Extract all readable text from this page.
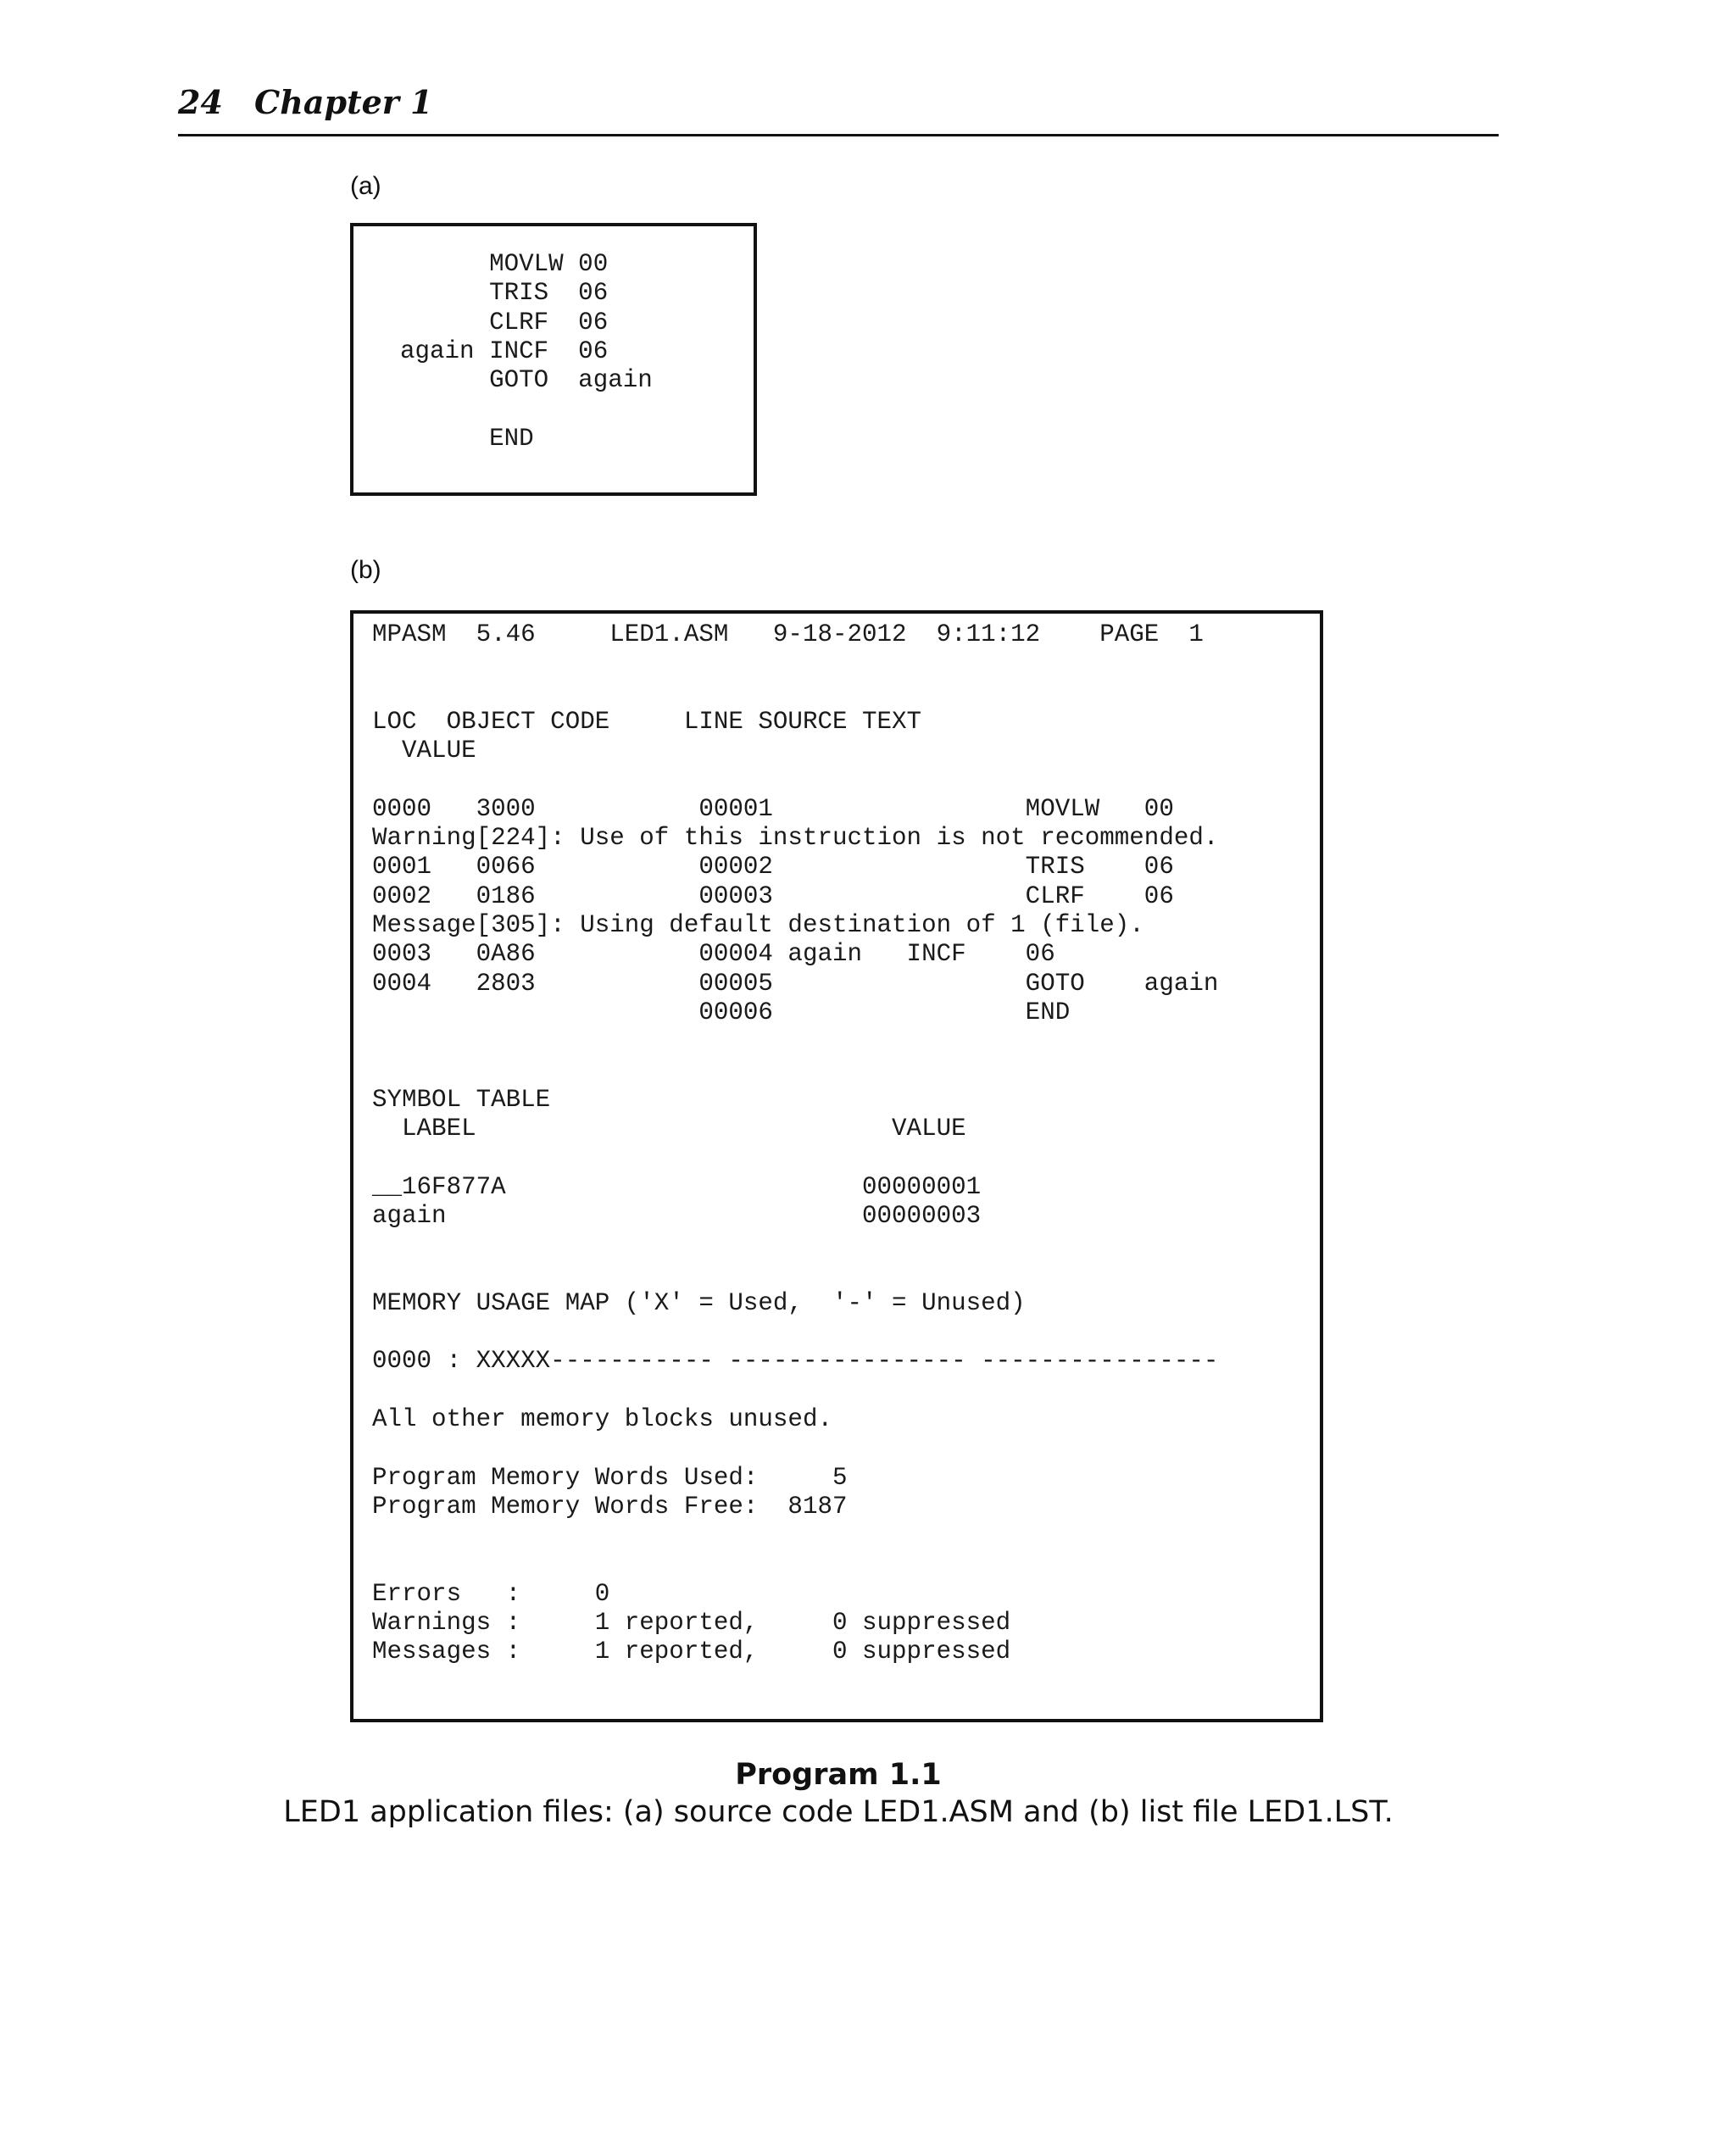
24 Chapter 1
(a)
MOVLW 00
TRIS  06
CLRF  06
again INCF  06
GOTO  again

END
(b)
MPASM  5.46     LED1.ASM   9-18-2012  9:11:12    PAGE  1

LOC  OBJECT CODE     LINE SOURCE TEXT
VALUE

0000   3000           00001                 MOVLW   00
Warning[224]: Use of this instruction is not recommended.
0001   0066           00002                 TRIS    06
0002   0186           00003                 CLRF    06
Message[305]: Using default destination of 1 (file).
0003   0A86           00004 again   INCF    06
0004   2803           00005                 GOTO    again
00006                 END

SYMBOL TABLE
LABEL                            VALUE

__16F877A                        00000001
again                            00000003

MEMORY USAGE MAP ('X' = Used,  '-' = Unused)

0000 : XXXXX----------- ---------------- ----------------

All other memory blocks unused.

Program Memory Words Used:     5
Program Memory Words Free:  8187

Errors   :     0
Warnings :     1 reported,     0 suppressed
Messages :     1 reported,     0 suppressed
Program 1.1
LED1 application files: (a) source code LED1.ASM and (b) list file LED1.LST.
